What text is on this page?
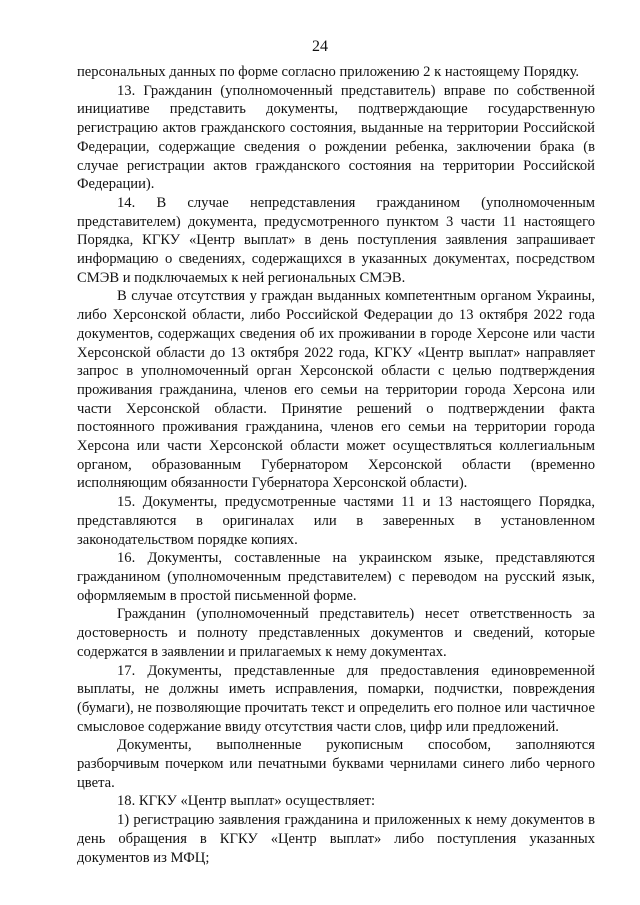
24

персональных данных по форме согласно приложению 2 к настоящему Порядку.

13. Гражданин (уполномоченный представитель) вправе по собственной инициативе представить документы, подтверждающие государственную регистрацию актов гражданского состояния, выданные на территории Российской Федерации, содержащие сведения о рождении ребенка, заключении брака (в случае регистрации актов гражданского состояния на территории Российской Федерации).

14. В случае непредставления гражданином (уполномоченным представителем) документа, предусмотренного пунктом 3 части 11 настоящего Порядка, КГКУ «Центр выплат» в день поступления заявления запрашивает информацию о сведениях, содержащихся в указанных документах, посредством СМЭВ и подключаемых к ней региональных СМЭВ.

В случае отсутствия у граждан выданных компетентным органом Украины, либо Херсонской области, либо Российской Федерации до 13 октября 2022 года документов, содержащих сведения об их проживании в городе Херсоне или части Херсонской области до 13 октября 2022 года, КГКУ «Центр выплат» направляет запрос в уполномоченный орган Херсонской области с целью подтверждения проживания гражданина, членов его семьи на территории города Херсона или части Херсонской области. Принятие решений о подтверждении факта постоянного проживания гражданина, членов его семьи на территории города Херсона или части Херсонской области может осуществляться коллегиальным органом, образованным Губернатором Херсонской области (временно исполняющим обязанности Губернатора Херсонской области).

15. Документы, предусмотренные частями 11 и 13 настоящего Порядка, представляются в оригиналах или в заверенных в установленном законодательством порядке копиях.

16. Документы, составленные на украинском языке, представляются гражданином (уполномоченным представителем) с переводом на русский язык, оформляемым в простой письменной форме.

Гражданин (уполномоченный представитель) несет ответственность за достоверность и полноту представленных документов и сведений, которые содержатся в заявлении и прилагаемых к нему документах.

17. Документы, представленные для предоставления единовременной выплаты, не должны иметь исправления, помарки, подчистки, повреждения (бумаги), не позволяющие прочитать текст и определить его полное или частичное смысловое содержание ввиду отсутствия части слов, цифр или предложений.

Документы, выполненные рукописным способом, заполняются разборчивым почерком или печатными буквами чернилами синего либо черного цвета.

18. КГКУ «Центр выплат» осуществляет:

1) регистрацию заявления гражданина и приложенных к нему документов в день обращения в КГКУ «Центр выплат» либо поступления указанных документов из МФЦ;
